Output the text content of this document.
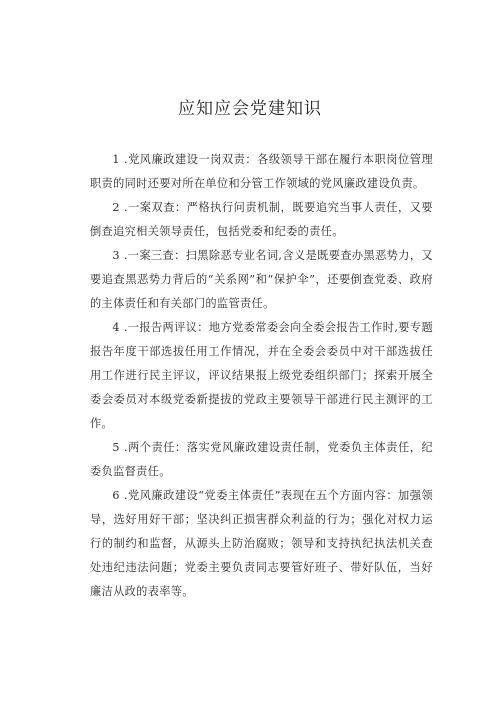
应知应会党建知识

1 .党风廉政建设一岗双责：各级领导干部在履行本职岗位管理职责的同时还要对所在单位和分管工作领域的党风廉政建设负责。

2 .一案双查：严格执行问责机制，既要追究当事人责任，又要倒查追究相关领导责任，包括党委和纪委的责任。

3 .一案三查：扫黑除恶专业名词,含义是既要查办黑恶势力，又要追查黑恶势力背后的“关系网”和“保护伞”，还要倒查党委、政府的主体责任和有关部门的监管责任。

4 .一报告两评议：地方党委常委会向全委会报告工作时,要专题报告年度干部选拔任用工作情况，并在全委会委员中对干部选拔任用工作进行民主评议，评议结果报上级党委组织部门；探索开展全委会委员对本级党委新提拔的党政主要领导干部进行民主测评的工作。

5 .两个责任：落实党风廉政建设责任制，党委负主体责任，纪委负监督责任。

6 .党风廉政建设“党委主体责任”表现在五个方面内容：加强领导，选好用好干部；坚决纠正损害群众利益的行为；强化对权力运行的制约和监督，从源头上防治腐败；领导和支持执纪执法机关查处违纪违法问题；党委主要负责同志要管好班子、带好队伍，当好廉洁从政的表率等。
